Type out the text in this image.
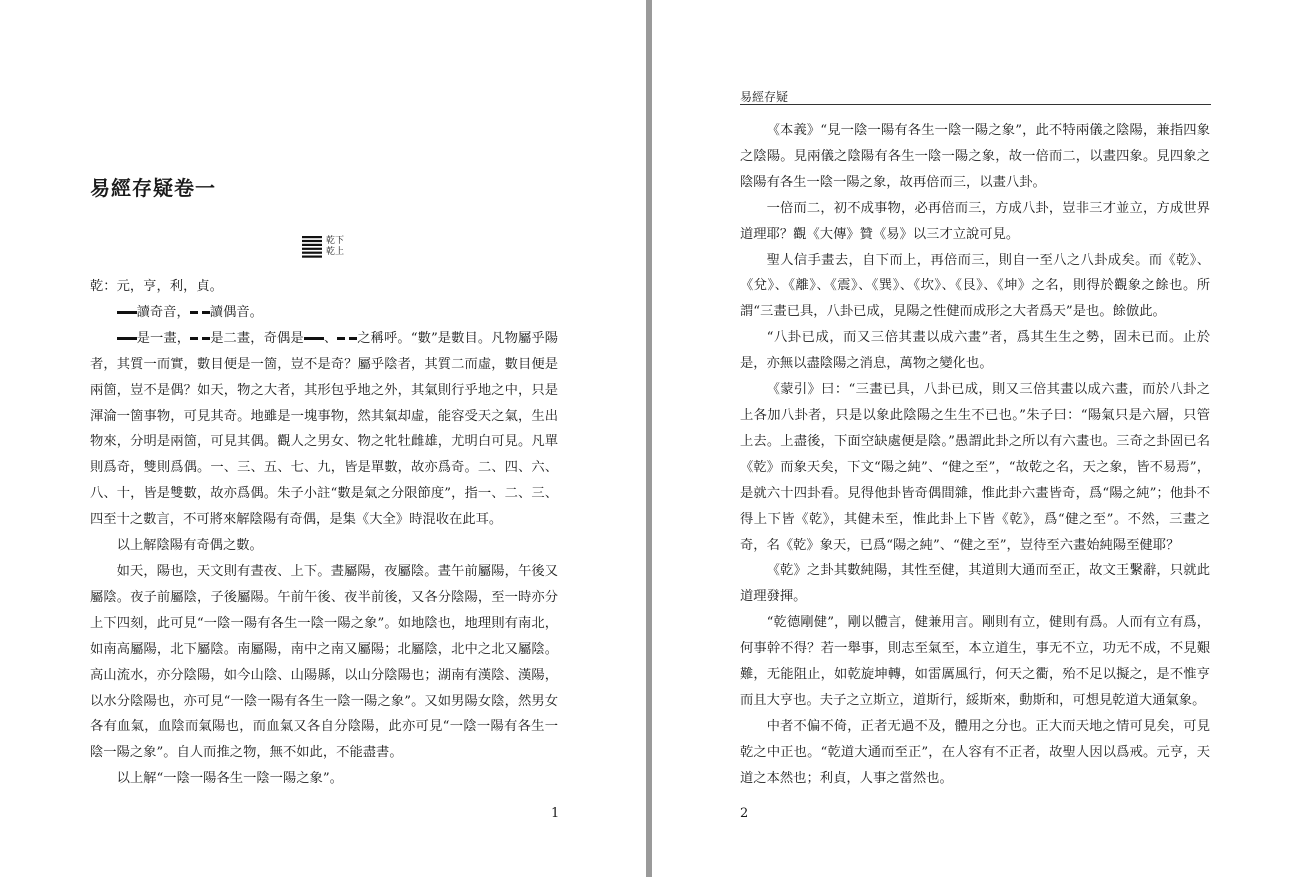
易經存疑卷一
乾下
乾上

乾：元，亨，利，貞。

讀奇音， 讀偶音。

是一畫， 是二畫，奇偶是 、 之稱呼。“數”是數目。凡物屬乎陽者，其質一而實，數目便是一箇，豈不是奇？屬乎陰者，其質二而虛，數目便是兩箇，豈不是偶？如天，物之大者，其形包乎地之外，其氣則行乎地之中，只是渾淪一箇事物，可見其奇。地雖是一塊事物，然其氣却虛，能容受天之氣，生出物來，分明是兩箇，可見其偶。觀人之男女、物之牝牡雌雄，尤明白可見。凡單則爲奇，雙則爲偶。一、三、五、七、九，皆是單數，故亦爲奇。二、四、六、八、十，皆是雙數，故亦爲偶。朱子小註“數是氣之分限節度”，指一、二、三、四至十之數言，不可將來解陰陽有奇偶，是集《大全》時混收在此耳。

以上解陰陽有奇偶之數。

如天，陽也，天文則有晝夜、上下。晝屬陽，夜屬陰。晝午前屬陽，午後又屬陰。夜子前屬陰，子後屬陽。午前午後、夜半前後，又各分陰陽，至一時亦分上下四刻，此可見“一陰一陽有各生一陰一陽之象”。如地陰也，地理則有南北，如南高屬陽，北下屬陰。南屬陽，南中之南又屬陽；北屬陰，北中之北又屬陰。高山流水，亦分陰陽，如今山陰、山陽縣，以山分陰陽也；湖南有漢陰、漢陽，以水分陰陽也，亦可見“一陰一陽有各生一陰一陽之象”。又如男陽女陰，然男女各有血氣，血陰而氣陽也，而血氣又各自分陰陽，此亦可見“一陰一陽有各生一陰一陽之象”。自人而推之物，無不如此，不能盡書。

以上解“一陰一陽各生一陰一陽之象”。

1
易經存疑

《本義》“見一陰一陽有各生一陰一陽之象”，此不特兩儀之陰陽，兼指四象之陰陽。見兩儀之陰陽有各生一陰一陽之象，故一倍而二，以畫四象。見四象之陰陽有各生一陰一陽之象，故再倍而三，以畫八卦。

一倍而二，初不成事物，必再倍而三，方成八卦，豈非三才並立，方成世界道理耶？觀《大傳》贊《易》以三才立說可見。

聖人信手畫去，自下而上，再倍而三，則自一至八之八卦成矣。而《乾》、《兌》、《離》、《震》、《巽》、《坎》、《艮》、《坤》之名，則得於觀象之餘也。所謂“三畫已具，八卦已成，見陽之性健而成形之大者爲天”是也。餘倣此。

“八卦已成，而又三倍其畫以成六畫”者，爲其生生之勢，固未已而。止於是，亦無以盡陰陽之消息，萬物之變化也。

《蒙引》曰：“三畫已具，八卦已成，則又三倍其畫以成六畫，而於八卦之上各加八卦者，只是以象此陰陽之生生不已也。”朱子曰：“陽氣只是六層，只管上去。上盡後，下面空缺處便是陰。”愚謂此卦之所以有六畫也。三奇之卦固已名《乾》而象天矣，下文“陽之純”、“健之至”，“故乾之名，天之象，皆不易焉”，是就六十四卦看。見得他卦皆奇偶間雜，惟此卦六畫皆奇，爲“陽之純”；他卦不得上下皆《乾》，其健未至，惟此卦上下皆《乾》，爲“健之至”。不然，三畫之奇，名《乾》象天，已爲“陽之純”、“健之至”，豈待至六畫始純陽至健耶？

《乾》之卦其數純陽，其性至健，其道則大通而至正，故文王繫辭，只就此道理發揮。

“乾德剛健”，剛以體言，健兼用言。剛則有立，健則有爲。人而有立有爲，何事幹不得？若一舉事，則志至氣至，本立道生，事无不立，功无不成，不見艱難，无能阻止，如乾旋坤轉，如雷厲風行，何天之衢，殆不足以擬之，是不惟亨而且大亨也。夫子之立斯立，道斯行，綏斯來，動斯和，可想見乾道大通氣象。

中者不偏不倚，正者无過不及，體用之分也。正大而天地之情可見矣，可見乾之中正也。“乾道大通而至正”，在人容有不正者，故聖人因以爲戒。元亨，天道之本然也；利貞，人事之當然也。

2
